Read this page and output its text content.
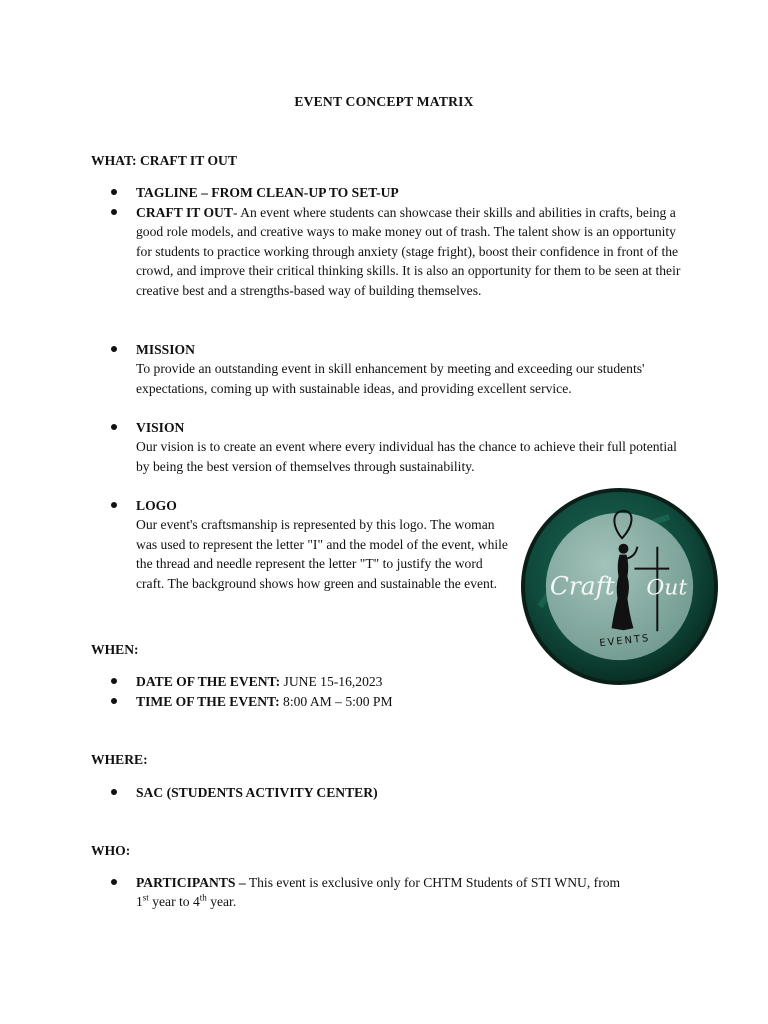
EVENT CONCEPT MATRIX
WHAT: CRAFT IT OUT
TAGLINE – FROM CLEAN-UP TO SET-UP
CRAFT IT OUT- An event where students can showcase their skills and abilities in crafts, being a good role models, and creative ways to make money out of trash. The talent show is an opportunity for students to practice working through anxiety (stage fright), boost their confidence in front of the crowd, and improve their critical thinking skills. It is also an opportunity for them to be seen at their creative best and a strengths-based way of building themselves.
MISSION
To provide an outstanding event in skill enhancement by meeting and exceeding our students' expectations, coming up with sustainable ideas, and providing excellent service.
VISION
Our vision is to create an event where every individual has the chance to achieve their full potential by being the best version of themselves through sustainability.
LOGO
Our event's craftsmanship is represented by this logo. The woman was used to represent the letter "I" and the model of the event, while the thread and needle represent the letter "T" to justify the word craft. The background shows how green and sustainable the event.	Craft Out
EVENTS
WHEN:
DATE OF THE EVENT: JUNE 15-16,2023
TIME OF THE EVENT: 8:00 AM – 5:00 PM
WHERE:
SAC (STUDENTS ACTIVITY CENTER)
WHO:
PARTICIPANTS – This event is exclusive only for CHTM Students of STI WNU, from
1st year to 4th year.
